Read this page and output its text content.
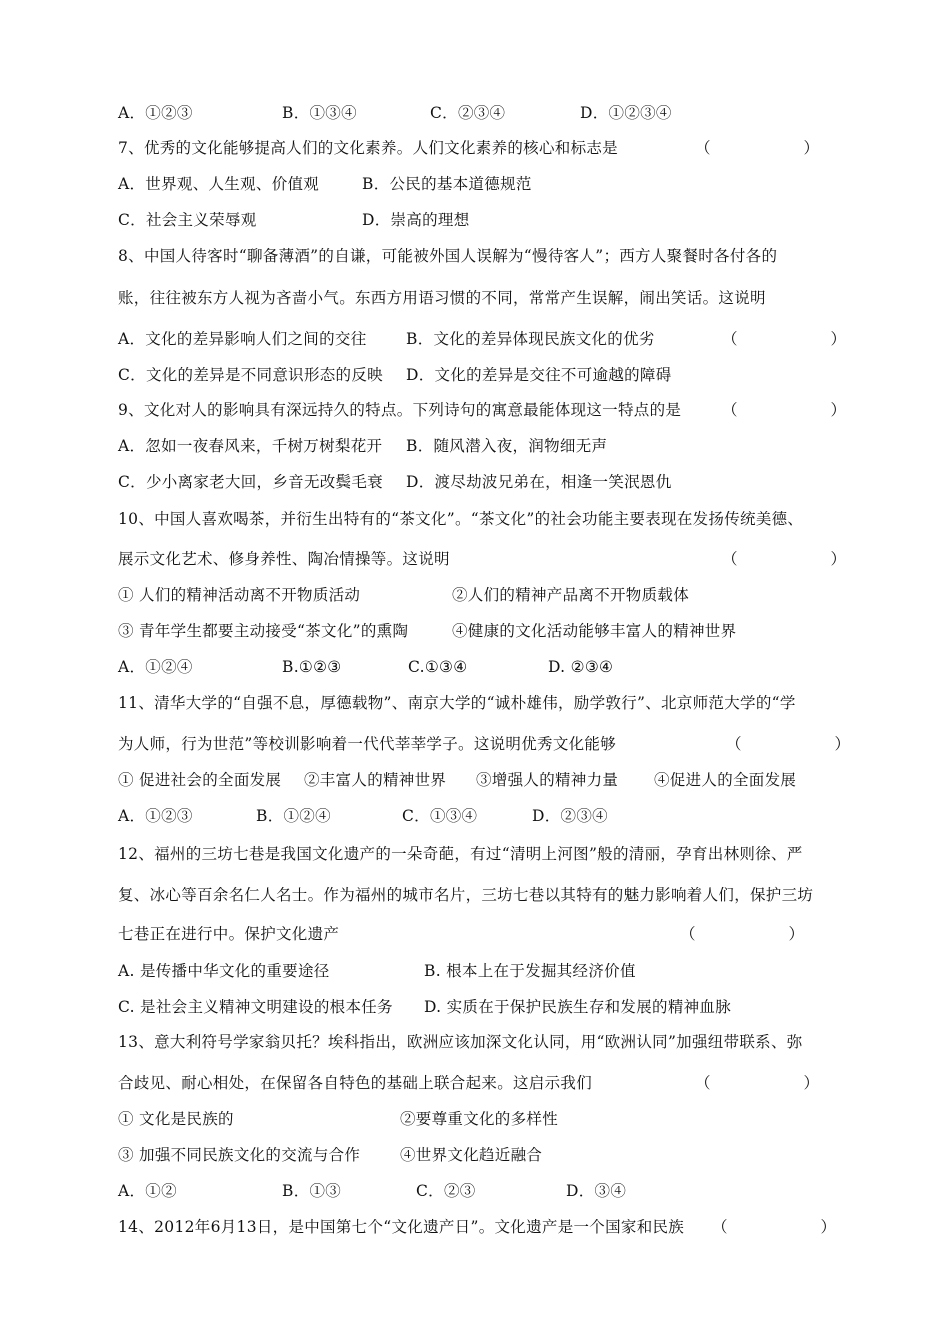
A．①②③	B．①③④	C．②③④	D．①②③④
7、优秀的文化能够提高人们的文化素养。人们文化素养的核心和标志是	（　　　　　　）
A．世界观、人生观、价值观	B．公民的基本道德规范
C．社会主义荣辱观	D．崇高的理想
8、中国人待客时“聊备薄酒”的自谦，可能被外国人误解为“慢待客人”；西方人聚餐时各付各的
账，往往被东方人视为吝啬小气。东西方用语习惯的不同，常常产生误解，闹出笑话。这说明
A．文化的差异影响人们之间的交往	B．文化的差异体现民族文化的优劣	（　　　　　　）
C．文化的差异是不同意识形态的反映 D．文化的差异是交往不可逾越的障碍
9、文化对人的影响具有深远持久的特点。下列诗句的寓意最能体现这一特点的是	（　　　　　　）
A．忽如一夜春风来，千树万树梨花开 B．随风潜入夜，润物细无声
C．少小离家老大回，乡音无改鬓毛衰 D．渡尽劫波兄弟在，相逢一笑泯恩仇
10、中国人喜欢喝茶，并衍生出特有的“茶文化”。“茶文化”的社会功能主要表现在发扬传统美德、
展示文化艺术、修身养性、陶冶情操等。这说明	（　　　　　　）
① 人们的精神活动离不开物质活动	②人们的精神产品离不开物质载体
③ 青年学生都要主动接受“茶文化”的熏陶	④健康的文化活动能够丰富人的精神世界
A．①②④	B.①②③	C.①③④	D. ②③④
11、清华大学的“自强不息，厚德载物”、南京大学的“诚朴雄伟，励学敦行”、北京师范大学的“学
为人师，行为世范”等校训影响着一代代莘莘学子。这说明优秀文化能够	（　　　　　　）
① 促进社会的全面发展 ②丰富人的精神世界 ③增强人的精神力量 ④促进人的全面发展
A．①②③	B．①②④	C．①③④	D．②③④
12、福州的三坊七巷是我国文化遗产的一朵奇葩，有过“清明上河图”般的清丽，孕育出林则徐、严
复、冰心等百余名仁人名士。作为福州的城市名片，三坊七巷以其特有的魅力影响着人们，保护三坊
七巷正在进行中。保护文化遗产	（　　　　　　）
A. 是传播中华文化的重要途径	B. 根本上在于发掘其经济价值
C. 是社会主义精神文明建设的根本任务 D. 实质在于保护民族生存和发展的精神血脉
13、意大利符号学家翁贝托？埃科指出，欧洲应该加深文化认同，用“欧洲认同”加强纽带联系、弥
合歧见、耐心相处，在保留各自特色的基础上联合起来。这启示我们	（　　　　　　）
① 文化是民族的	②要尊重文化的多样性
③ 加强不同民族文化的交流与合作	④世界文化趋近融合
A．①②	B．①③	C．②③	D．③④
14、2012年6月13日，是中国第七个“文化遗产日”。文化遗产是一个国家和民族 （　　　　　　）
